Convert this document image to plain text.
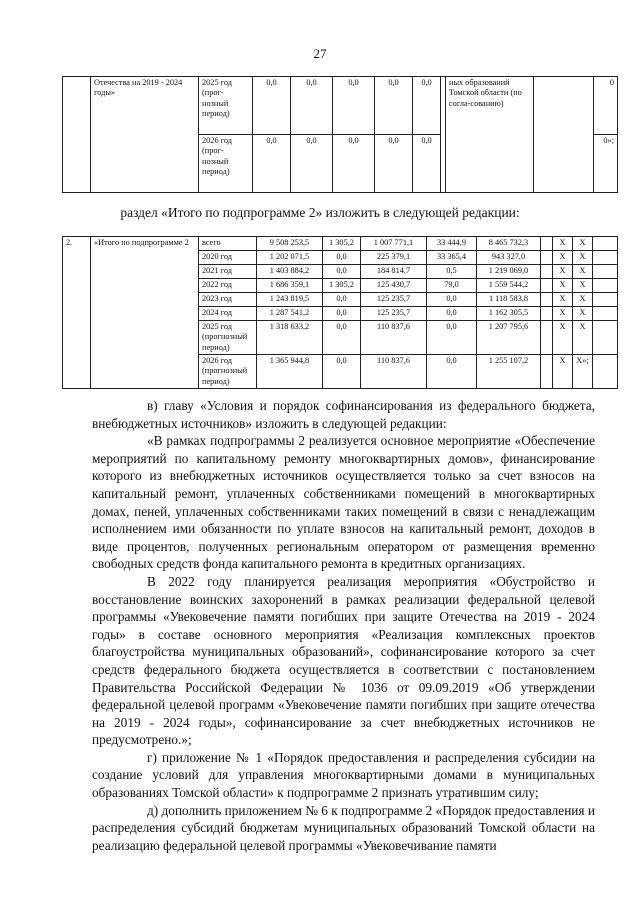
27
	Отечества на 2019 - 2024 годы»	2025 год (прог-нозный период)	0,0	0,0	0,0	0,0	0,0		ных образований Томской области (по согла-сованию)		0
		2026 год (прог-нозный период)	0,0	0,0	0,0	0,0	0,0				0»;
раздел «Итого по подпрограмме 2» изложить в следующей редакции:
2.	«Итого по подпрограмме 2	всего	9 508 253,5	1 305,2	1 007 771,1	33 444,9	8 465 732,3		X	X	
		2020 год	1 202 071,5	0,0	225 379,1	33 365,4	943 327,0		X	X	
		2021 год	1 403 884,2	0,0	184 814,7	0,5	1 219 069,0		X	X	
		2022 год	1 686 359,1	1 305,2	125 430,7	79,0	1 559 544,2		X	X	
		2023 год	1 243 819,5	0,0	125 235,7	0,0	1 118 583,8		X	X	
		2024 год	1 287 541,2	0,0	125 235,7	0,0	1 162 305,5		X	X	
		2025 год (прогнозный период)	1 318 633,2	0,0	110 837,6	0,0	1 207 795,6		X	X	
		2026 год (прогнозный период)	1 365 944,8	0,0	110 837,6	0,0	1 255 107,2		X	X»;	

в) главу «Условия и порядок софинансирования из федерального бюджета, внебюджетных источников» изложить в следующей редакции:

«В рамках подпрограммы 2 реализуется основное мероприятие «Обеспечение мероприятий по капитальному ремонту многоквартирных домов», финансирование которого из внебюджетных источников осуществляется только за счет взносов на капитальный ремонт, уплаченных собственниками помещений в многоквартирных домах, пеней, уплаченных собственниками таких помещений в связи с ненадлежащим исполнением ими обязанности по уплате взносов на капитальный ремонт, доходов в виде процентов, полученных региональным оператором от размещения временно свободных средств фонда капитального ремонта в кредитных организациях.

В 2022 году планируется реализация мероприятия «Обустройство и восстановление воинских захоронений в рамках реализации федеральной целевой программы «Увековечение памяти погибших при защите Отечества на 2019 - 2024 годы» в составе основного мероприятия «Реализация комплексных проектов благоустройства муниципальных образований», софинансирование которого за счет средств федерального бюджета осуществляется в соответствии с постановлением Правительства Российской Федерации № 1036 от 09.09.2019 «Об утверждении федеральной целевой программ «Увековечение памяти погибших при защите отечества на 2019 - 2024 годы», софинансирование за счет внебюджетных источников не предусмотрено.»;

г) приложение № 1 «Порядок предоставления и распределения субсидии на создание условий для управления многоквартирными домами в муниципальных образованиях Томской области» к подпрограмме 2 признать утратившим силу;

д) дополнить приложением № 6 к подпрограмме 2 «Порядок предоставления и распределения субсидий бюджетам муниципальных образований Томской области на реализацию федеральной целевой программы «Увековечивание памяти
